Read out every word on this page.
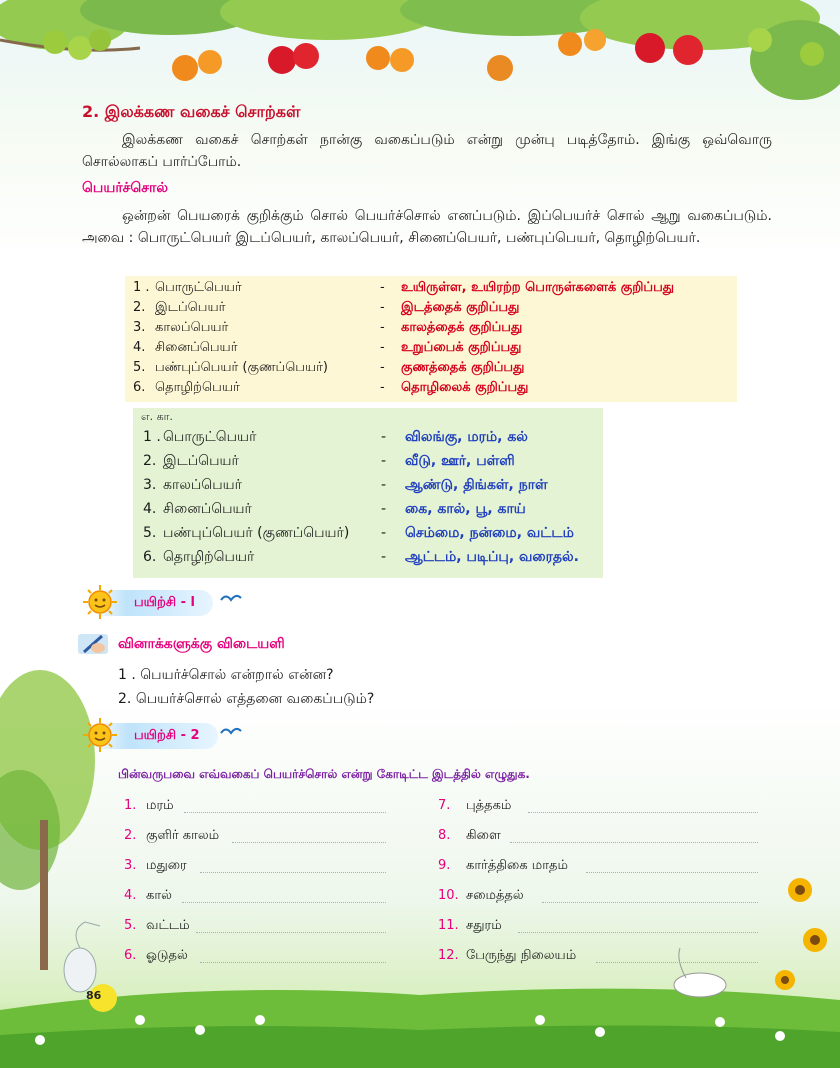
2. இலக்கண வகைச் சொற்கள்
இலக்கண வகைச் சொற்கள் நான்கு வகைப்படும் என்று முன்பு படித்தோம். இங்கு ஒவ்வொரு சொல்லாகப் பார்ப்போம்.
பெயர்ச்சொல்
ஒன்றன் பெயரைக் குறிக்கும் சொல் பெயர்ச்சொல் எனப்படும். இப்பெயர்ச் சொல் ஆறு வகைப்படும். அவை : பொருட்பெயர் இடப்பெயர், காலப்பெயர், சினைப்பெயர், பண்புப்பெயர், தொழிற்பெயர்.
1 . பொருட்பெயர்	- உயிருள்ள, உயிரற்ற பொருள்களைக் குறிப்பது
2. இடப்பெயர்	- இடத்தைக் குறிப்பது
3. காலப்பெயர்	- காலத்தைக் குறிப்பது
4. சினைப்பெயர்	- உறுப்பைக் குறிப்பது
5. பண்புப்பெயர் (குணப்பெயர்)	- குணத்தைக் குறிப்பது
6. தொழிற்பெயர்	- தொழிலைக் குறிப்பது
எ. கா.
1 . பொருட்பெயர்	- விலங்கு, மரம், கல்
2. இடப்பெயர்	- வீடு, ஊர், பள்ளி
3. காலப்பெயர்	- ஆண்டு, திங்கள், நாள்
4. சினைப்பெயர்	- கை, கால், பூ, காய்
5. பண்புப்பெயர் (குணப்பெயர்) - செம்மை, நன்மை, வட்டம்
6. தொழிற்பெயர்	- ஆட்டம், படிப்பு, வரைதல்.
பயிற்சி - l
வினாக்களுக்கு விடையளி
1 . பெயர்ச்சொல் என்றால் என்ன?
2. பெயர்ச்சொல் எத்தனை வகைப்படும்?
பயிற்சி - 2
பின்வருபவை எவ்வகைப் பெயர்ச்சொல் என்று கோடிட்ட இடத்தில் எழுதுக.
1. மரம்
2. குளிர் காலம்
3. மதுரை
4. கால்
5. வட்டம்
6. ஓடுதல்
7. புத்தகம்
8. கிளை
9. கார்த்திகை மாதம்
10. சமைத்தல்
11. சதுரம்
12. பேருந்து நிலையம்
86
